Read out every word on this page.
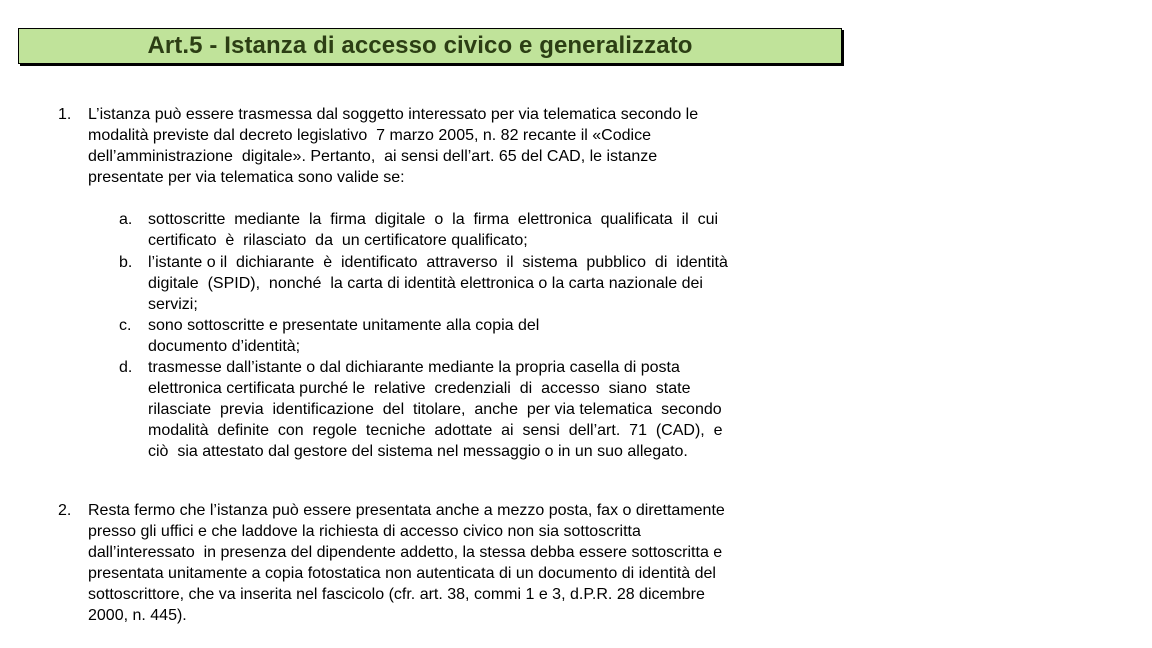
Art.5 - Istanza di accesso civico e generalizzato
1. L’istanza può essere trasmessa dal soggetto interessato per via telematica secondo le
modalità previste dal decreto legislativo  7 marzo 2005, n. 82 recante il «Codice
dell’amministrazione  digitale». Pertanto,  ai sensi dell’art. 65 del CAD, le istanze
presentate per via telematica sono valide se:
a. sottoscritte  mediante  la  firma  digitale  o  la  firma  elettronica  qualificata  il  cui
certificato  è  rilasciato  da  un certificatore qualificato;
b. l’istante o il  dichiarante  è  identificato  attraverso  il  sistema  pubblico  di  identità
digitale  (SPID),  nonché  la carta di identità elettronica o la carta nazionale dei
servizi;
c. sono sottoscritte e presentate unitamente alla copia del
documento d’identità;
d. trasmesse dall’istante o dal dichiarante mediante la propria casella di posta
elettronica certificata purché le  relative  credenziali  di  accesso  siano  state
rilasciate  previa  identificazione  del  titolare,  anche  per via telematica  secondo
modalità  definite  con  regole  tecniche  adottate  ai  sensi  dell’art.  71  (CAD),  e
ciò  sia attestato dal gestore del sistema nel messaggio o in un suo allegato.
2. Resta fermo che l’istanza può essere presentata anche a mezzo posta, fax o direttamente
presso gli uffici e che laddove la richiesta di accesso civico non sia sottoscritta
dall’interessato  in presenza del dipendente addetto, la stessa debba essere sottoscritta e
presentata unitamente a copia fotostatica non autenticata di un documento di identità del
sottoscrittore, che va inserita nel fascicolo (cfr. art. 38, commi 1 e 3, d.P.R. 28 dicembre
2000, n. 445).
